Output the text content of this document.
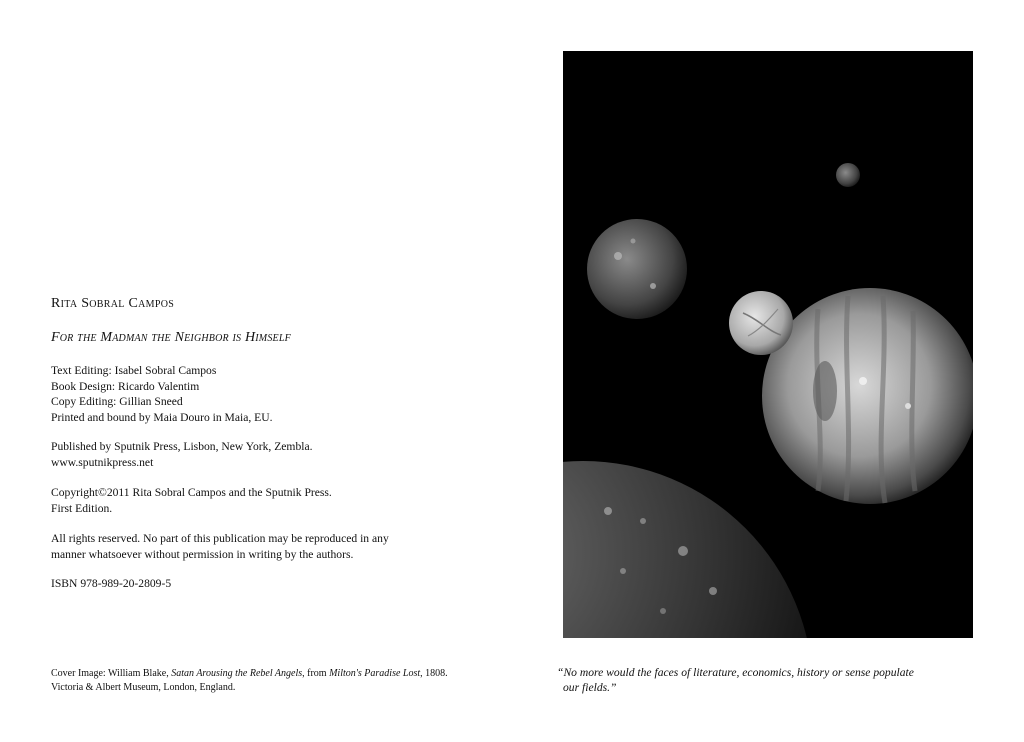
Rita Sobral Campos
For the Madman the Neighbor is Himself
Text Editing: Isabel Sobral Campos
Book Design: Ricardo Valentim
Copy Editing: Gillian Sneed
Printed and bound by Maia Douro in Maia, EU.
Published by Sputnik Press, Lisbon, New York, Zembla.
www.sputnikpress.net
Copyright©2011 Rita Sobral Campos and the Sputnik Press.
First Edition.
All rights reserved. No part of this publication may be reproduced in any
manner whatsoever without permission in writing by the authors.
ISBN 978-989-20-2809-5
Cover Image: William Blake, Satan Arousing the Rebel Angels, from Milton's Paradise Lost, 1808.
Victoria & Albert Museum, London, England.
“No more would the faces of literature, economics, history or sense populate
our fields.”
